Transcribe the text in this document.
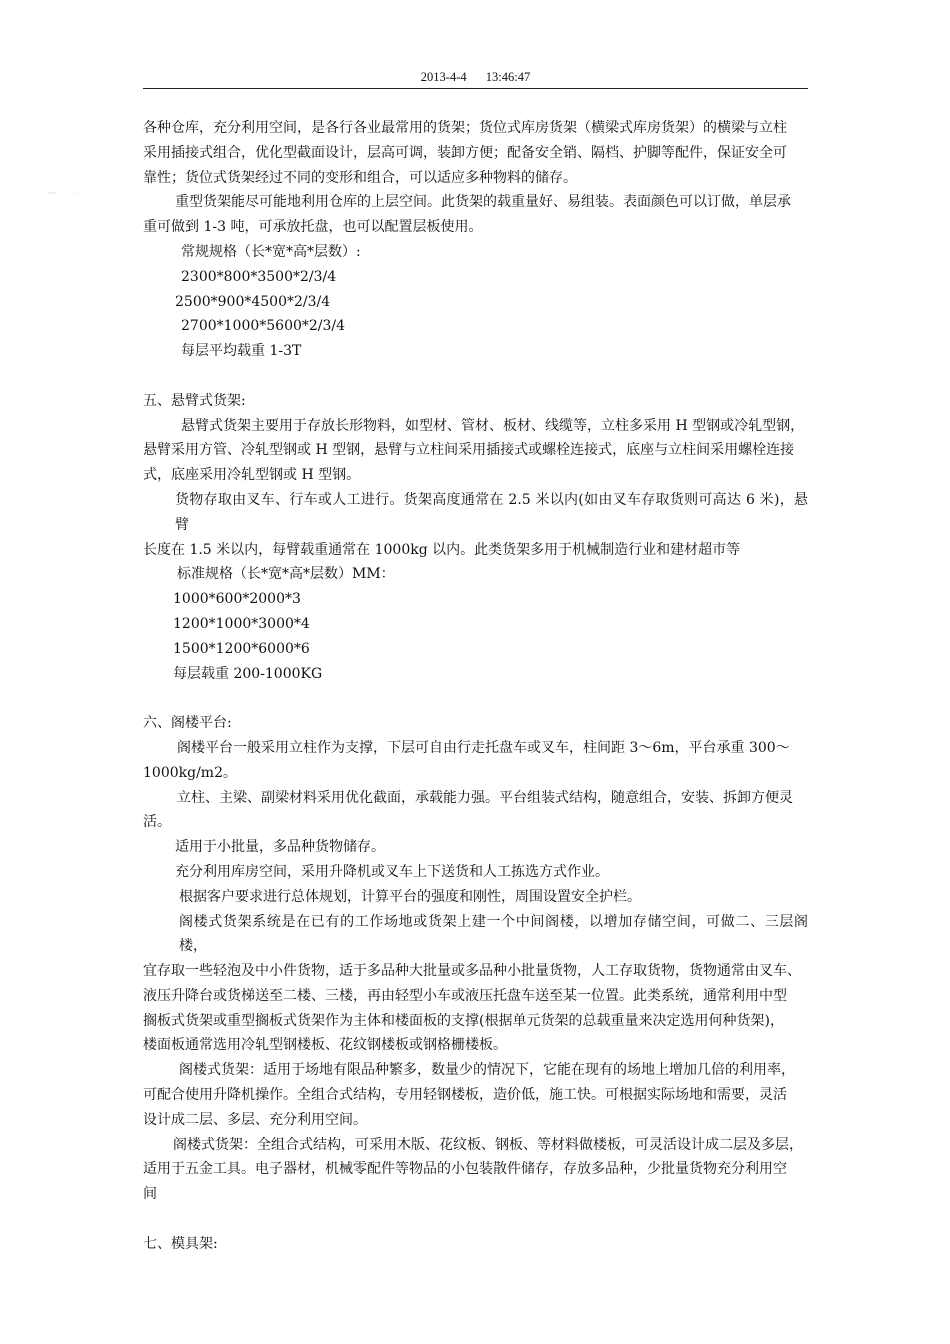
2013-4-4 13:46:47
ᴵᴺᴮ ˙˙˙ ˙˙˙˙

各种仓库，充分利用空间，是各行各业最常用的货架；货位式库房货架（横梁式库房货架）的横梁与立柱

采用插接式组合，优化型截面设计，层高可调，装卸方便；配备安全销、隔档、护脚等配件，保证安全可

靠性；货位式货架经过不同的变形和组合，可以适应多种物料的储存。

重型货架能尽可能地利用仓库的上层空间。此货架的载重量好、易组装。表面颜色可以订做，单层承

重可做到 1-3 吨，可承放托盘，也可以配置层板使用。

常规规格（长*宽*高*层数）:

2300*800*3500*2/3/4

2500*900*4500*2/3/4

2700*1000*5600*2/3/4

每层平均载重 1-3T

五、悬臂式货架:

悬臂式货架主要用于存放长形物料，如型材、管材、板材、线缆等，立柱多采用 H 型钢或冷轧型钢，

悬臂采用方管、冷轧型钢或 H 型钢，悬臂与立柱间采用插接式或螺栓连接式，底座与立柱间采用螺栓连接

式，底座采用冷轧型钢或 H 型钢。

货物存取由叉车、行车或人工进行。货架高度通常在 2.5 米以内(如由叉车存取货则可高达 6 米)，悬臂

长度在 1.5 米以内，每臂载重通常在 1000kg 以内。此类货架多用于机械制造行业和建材超市等

标准规格（长*宽*高*层数）MM：

1000*600*2000*3

1200*1000*3000*4

1500*1200*6000*6

每层载重 200-1000KG

六、阁楼平台:

阁楼平台一般采用立柱作为支撑，下层可自由行走托盘车或叉车，柱间距 3～6m，平台承重 300～

1000kg/m2。

立柱、主梁、副梁材料采用优化截面，承载能力强。平台组装式结构，随意组合，安装、拆卸方便灵

活。

适用于小批量，多品种货物储存。

充分利用库房空间，采用升降机或叉车上下送货和人工拣选方式作业。

根据客户要求进行总体规划，计算平台的强度和刚性，周围设置安全护栏。

阁楼式货架系统是在已有的工作场地或货架上建一个中间阁楼，以增加存储空间，可做二、三层阁楼，

宜存取一些轻泡及中小件货物，适于多品种大批量或多品种小批量货物，人工存取货物，货物通常由叉车、

液压升降台或货梯送至二楼、三楼，再由轻型小车或液压托盘车送至某一位置。此类系统，通常利用中型

搁板式货架或重型搁板式货架作为主体和楼面板的支撑(根据单元货架的总载重量来决定选用何种货架)，

楼面板通常选用冷轧型钢楼板、花纹钢楼板或钢格栅楼板。

阁楼式货架：适用于场地有限品种繁多，数量少的情况下，它能在现有的场地上增加几倍的利用率，

可配合使用升降机操作。全组合式结构，专用轻钢楼板，造价低，施工快。可根据实际场地和需要，灵活

设计成二层、多层、充分利用空间。

阁楼式货架：全组合式结构，可采用木版、花纹板、钢板、等材料做楼板，可灵活设计成二层及多层，

适用于五金工具。电子器材，机械零配件等物品的小包装散件储存，存放多品种，少批量货物充分利用空

间

七、模具架:
